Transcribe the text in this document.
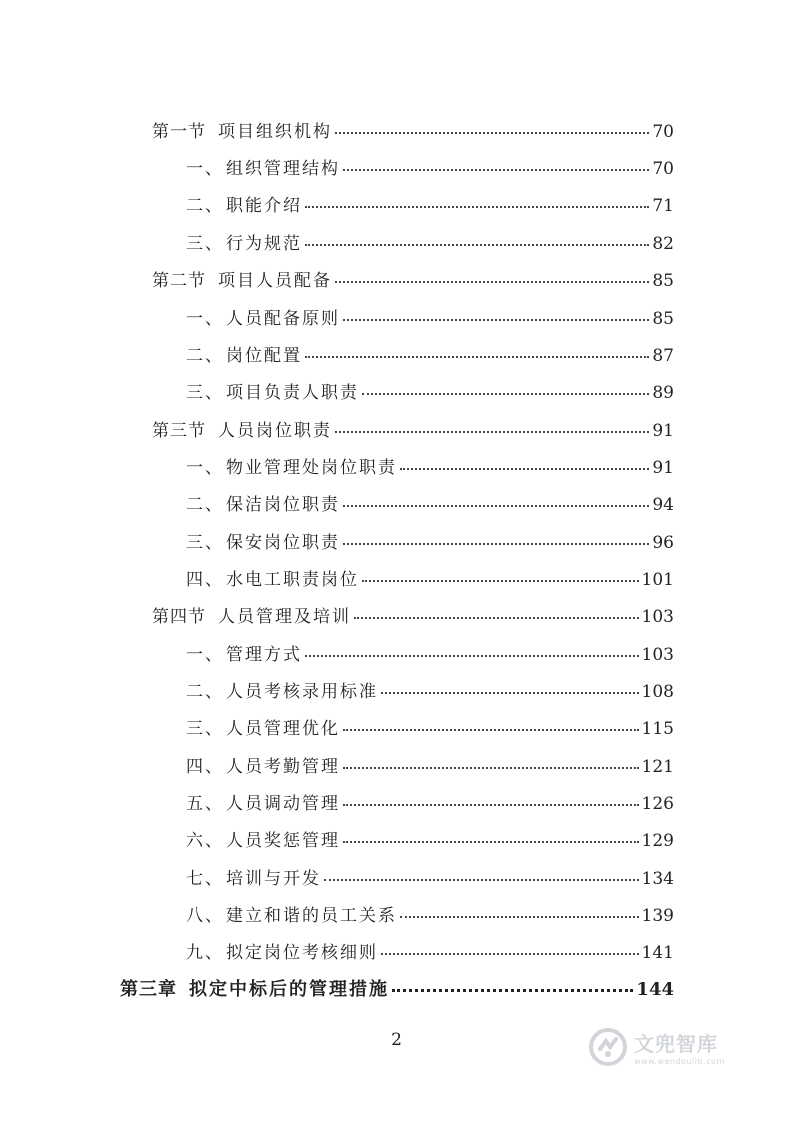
第一节 项目组织机构	70
一、 组织管理结构	70
二、 职能介绍	71
三、 行为规范	82
第二节 项目人员配备	85
一、 人员配备原则	85
二、 岗位配置	87
三、 项目负责人职责	89
第三节 人员岗位职责	91
一、 物业管理处岗位职责	91
二、 保洁岗位职责	94
三、 保安岗位职责	96
四、 水电工职责岗位	101
第四节 人员管理及培训	103
一、 管理方式	103
二、 人员考核录用标准	108
三、 人员管理优化	115
四、 人员考勤管理	121
五、 人员调动管理	126
六、 人员奖惩管理	129
七、 培训与开发	134
八、 建立和谐的员工关系	139
九、 拟定岗位考核细则	141
第三章 拟定中标后的管理措施	144
2	文兜智库
www.wendoulib.com
